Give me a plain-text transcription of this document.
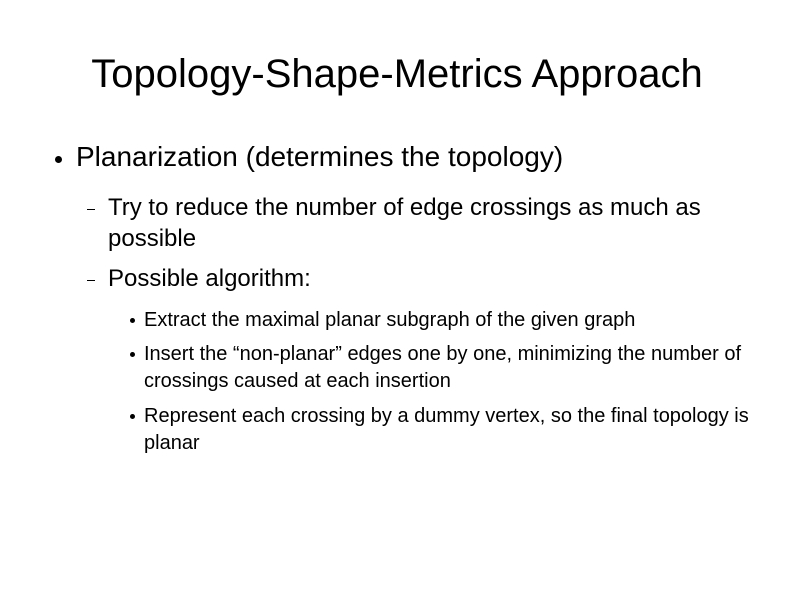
Topology-Shape-Metrics Approach
Planarization (determines the topology)
Try to reduce the number of edge crossings as much as possible
Possible algorithm:
Extract the maximal planar subgraph of the given graph
Insert the “non-planar” edges one by one, minimizing the number of crossings caused at each insertion
Represent each crossing by a dummy vertex, so the final topology is planar
